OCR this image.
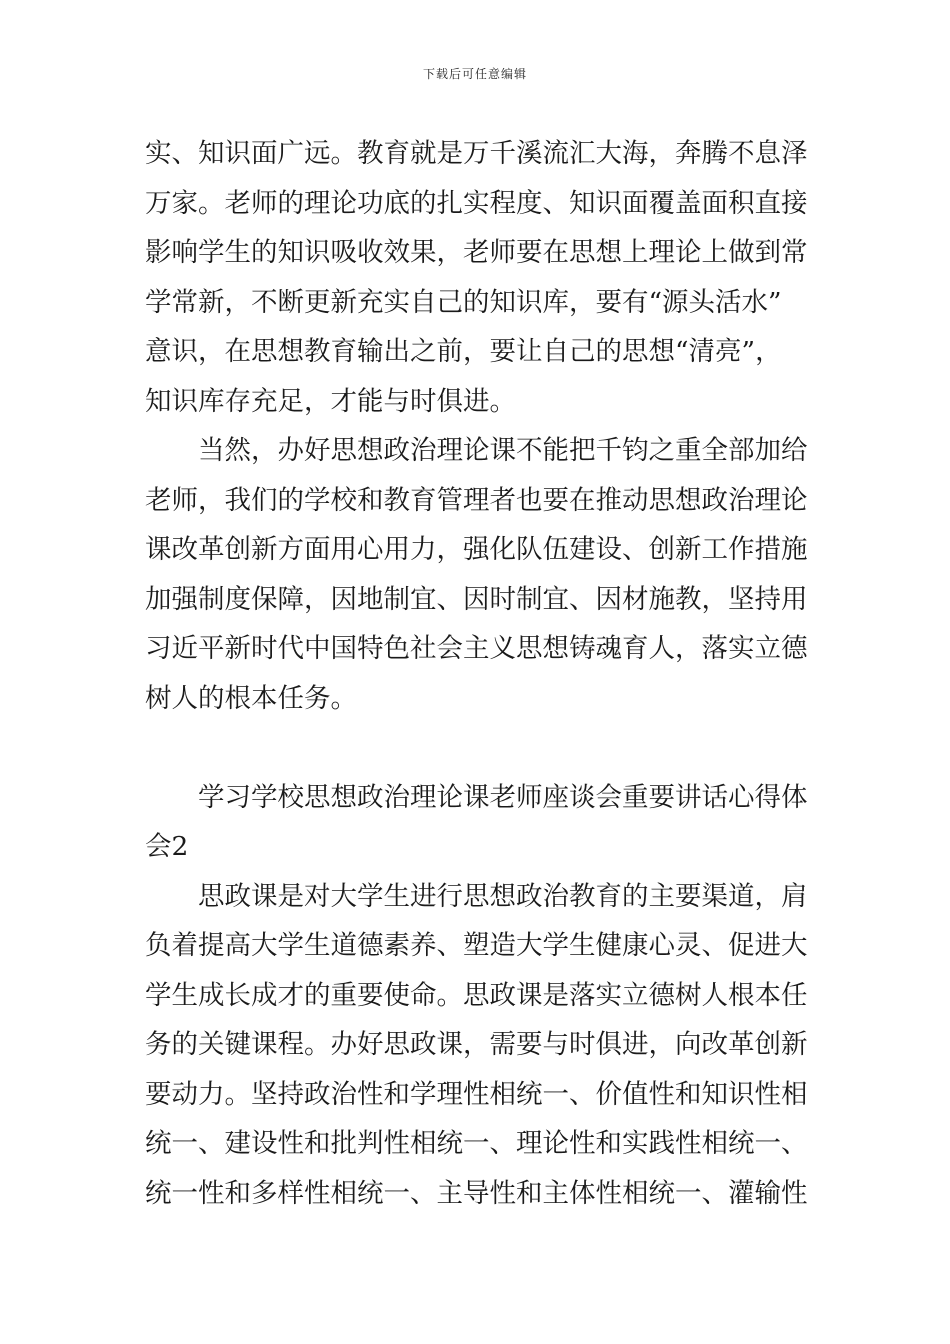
下载后可任意编辑
实、知识面广远。教育就是万千溪流汇大海，奔腾不息泽
万家。老师的理论功底的扎实程度、知识面覆盖面积直接
影响学生的知识吸收效果，老师要在思想上理论上做到常
学常新，不断更新充实自己的知识库，要有“源头活水”
意识，在思想教育输出之前，要让自己的思想“清亮”，
知识库存充足，才能与时俱进。
当然，办好思想政治理论课不能把千钧之重全部加给
老师，我们的学校和教育管理者也要在推动思想政治理论
课改革创新方面用心用力，强化队伍建设、创新工作措施
加强制度保障，因地制宜、因时制宜、因材施教，坚持用
习近平新时代中国特色社会主义思想铸魂育人，落实立德
树人的根本任务。
学习学校思想政治理论课老师座谈会重要讲话心得体
会2
思政课是对大学生进行思想政治教育的主要渠道，肩
负着提高大学生道德素养、塑造大学生健康心灵、促进大
学生成长成才的重要使命。思政课是落实立德树人根本任
务的关键课程。办好思政课，需要与时俱进，向改革创新
要动力。坚持政治性和学理性相统一、价值性和知识性相
统一、建设性和批判性相统一、理论性和实践性相统一、
统一性和多样性相统一、主导性和主体性相统一、灌输性
